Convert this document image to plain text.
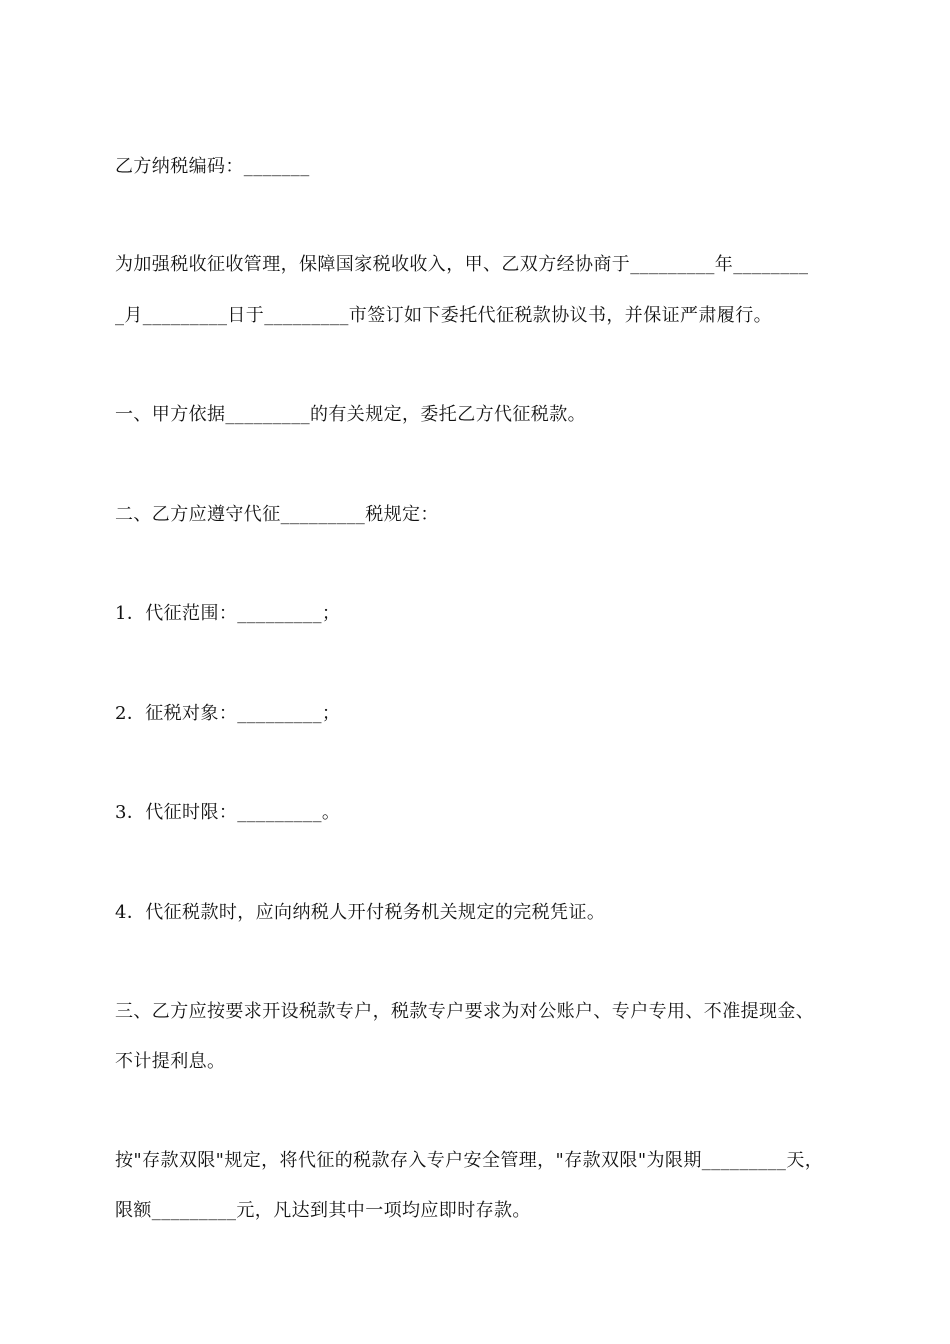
乙方纳税编码：_______
为加强税收征收管理，保障国家税收收入，甲、乙双方经协商于_________年________
_月_________日于_________市签订如下委托代征税款协议书，并保证严肃履行。
一、甲方依据_________的有关规定，委托乙方代征税款。
二、乙方应遵守代征_________税规定：
1．代征范围：_________；
2．征税对象：_________；
3．代征时限：_________。
4．代征税款时，应向纳税人开付税务机关规定的完税凭证。
三、乙方应按要求开设税款专户，税款专户要求为对公账户、专户专用、不准提现金、
不计提利息。
按"存款双限"规定，将代征的税款存入专户安全管理，"存款双限"为限期_________天，
限额_________元，凡达到其中一项均应即时存款。
